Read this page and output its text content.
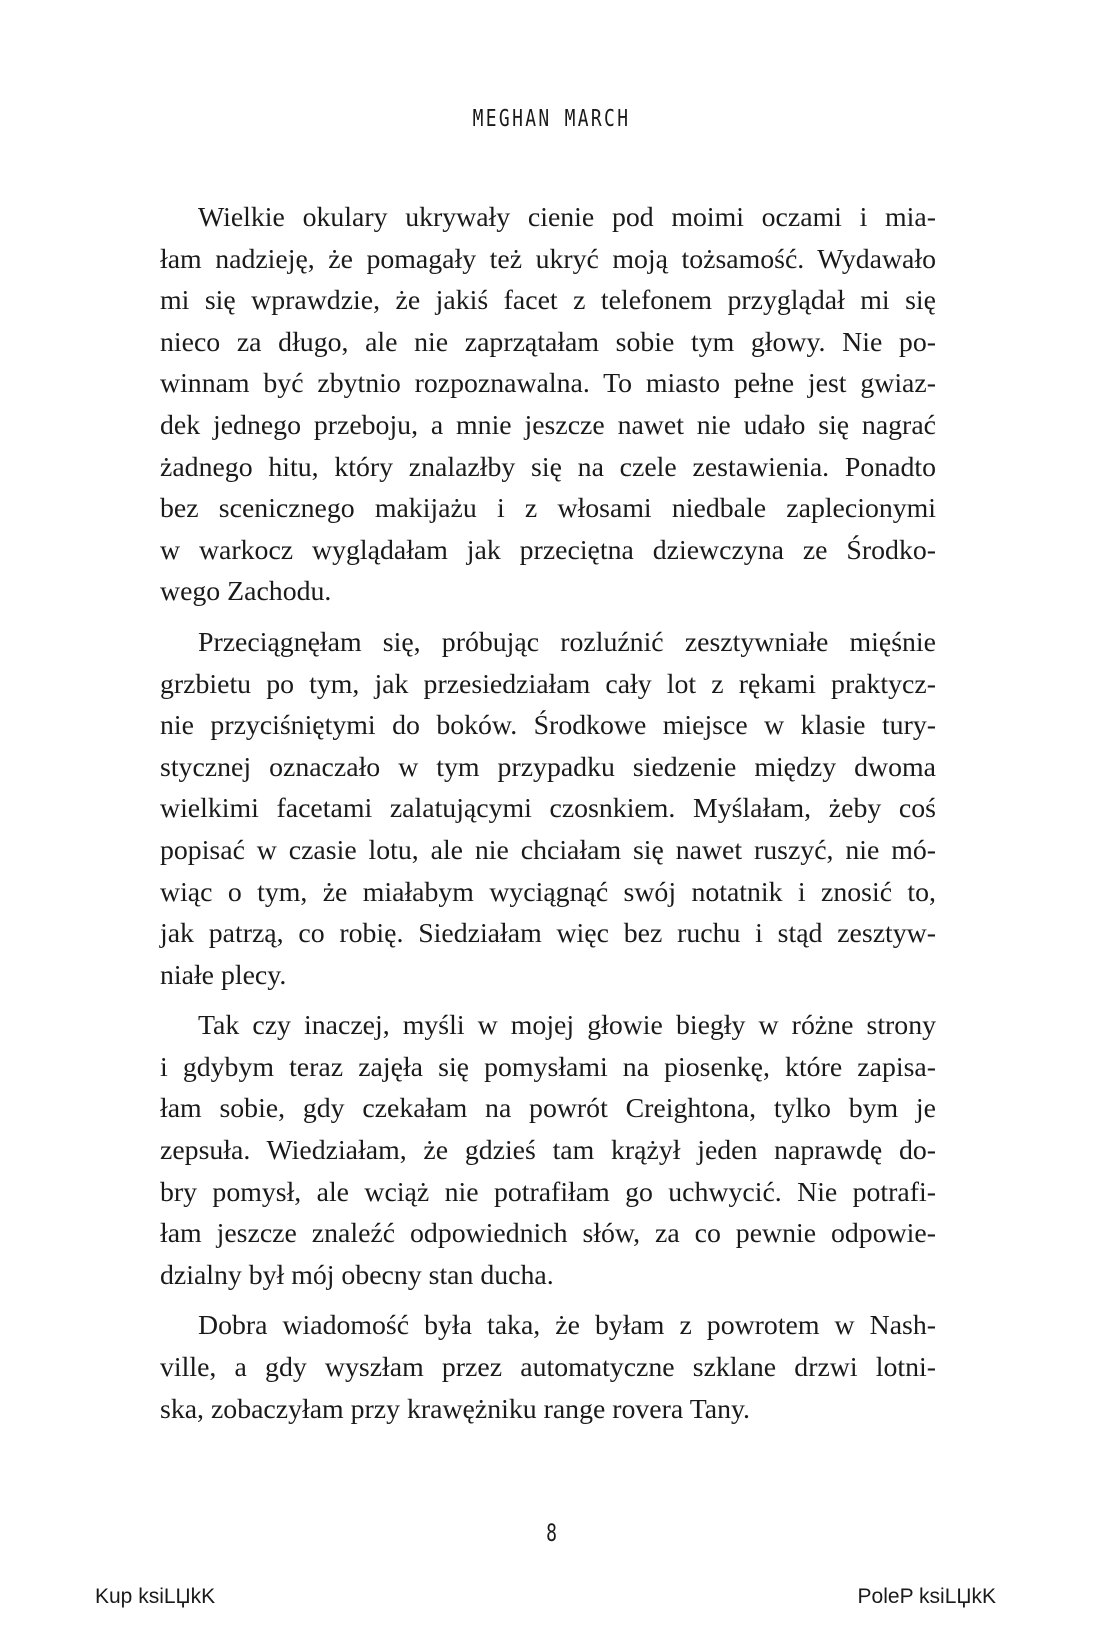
MEGHAN MARCH
Wielkie okulary ukrywały cienie pod moimi oczami i mia-
łam nadzieję, że pomagały też ukryć moją tożsamość. Wydawało
mi się wprawdzie, że jakiś facet z telefonem przyglądał mi się
nieco za długo, ale nie zaprzątałam sobie tym głowy. Nie po-
winnam być zbytnio rozpoznawalna. To miasto pełne jest gwiaz-
dek jednego przeboju, a mnie jeszcze nawet nie udało się nagrać
żadnego hitu, który znalazłby się na czele zestawienia. Ponadto
bez scenicznego makijażu i z włosami niedbale zaplecionymi
w warkocz wyglądałam jak przeciętna dziewczyna ze Środko-
wego Zachodu.
Przeciągnęłam się, próbując rozluźnić zesztywniałe mięśnie
grzbietu po tym, jak przesiedziałam cały lot z rękami praktycz-
nie przyciśniętymi do boków. Środkowe miejsce w klasie tury-
stycznej oznaczało w tym przypadku siedzenie między dwoma
wielkimi facetami zalatującymi czosnkiem. Myślałam, żeby coś
popisać w czasie lotu, ale nie chciałam się nawet ruszyć, nie mó-
wiąc o tym, że miałabym wyciągnąć swój notatnik i znosić to,
jak patrzą, co robię. Siedziałam więc bez ruchu i stąd zesztyw-
niałe plecy.
Tak czy inaczej, myśli w mojej głowie biegły w różne strony
i gdybym teraz zajęła się pomysłami na piosenkę, które zapisa-
łam sobie, gdy czekałam na powrót Creightona, tylko bym je
zepsuła. Wiedziałam, że gdzieś tam krążył jeden naprawdę do-
bry pomysł, ale wciąż nie potrafiłam go uchwycić. Nie potrafi-
łam jeszcze znaleźć odpowiednich słów, za co pewnie odpowie-
dzialny był mój obecny stan ducha.
Dobra wiadomość była taka, że byłam z powrotem w Nash-
ville, a gdy wyszłam przez automatyczne szklane drzwi lotni-
ska, zobaczyłam przy krawężniku range rovera Tany.
8
Kup ksiLЏkK	PoleP ksiLЏkK
